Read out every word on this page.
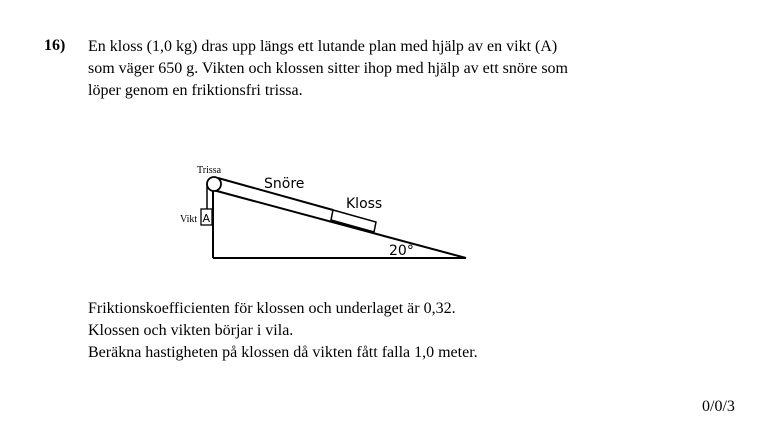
16) En kloss (1,0 kg) dras upp längs ett lutande plan med hjälp av en vikt (A)
som väger 650 g. Vikten och klossen sitter ihop med hjälp av ett snöre som
löper genom en friktionsfri trissa.
Trissa
Snöre
Kloss
Vikt A
20°
Friktionskoefficienten för klossen och underlaget är 0,32.
Klossen och vikten börjar i vila.
Beräkna hastigheten på klossen då vikten fått falla 1,0 meter.
0/0/3
